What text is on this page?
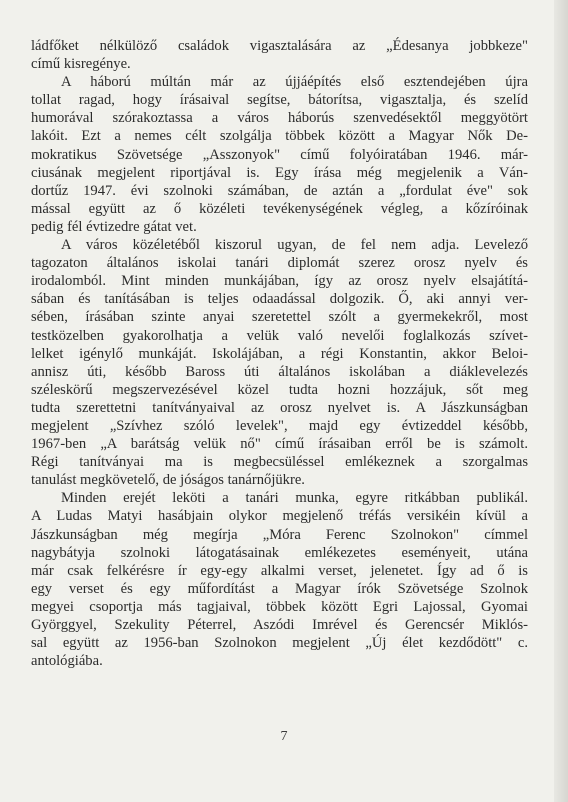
ládfőket nélkülöző családok vigasztalására az „Édesanya jobbkeze"
című kisregénye.
A háború múltán már az újjáépítés első esztendejében újra
tollat ragad, hogy írásaival segítse, bátorítsa, vigasztalja, és szelíd
humorával szórakoztassa a város háborús szenvedésektől meggyötört
lakóit. Ezt a nemes célt szolgálja többek között a Magyar Nők De-
mokratikus Szövetsége „Asszonyok" című folyóiratában 1946. már-
ciusának megjelent riportjával is. Egy írása még megjelenik a Ván-
dortűz 1947. évi szolnoki számában, de aztán a „fordulat éve" sok
mással együtt az ő közéleti tevékenységének végleg, a kőzíróinak
pedig fél évtizedre gátat vet.
A város közéletéből kiszorul ugyan, de fel nem adja. Levelező
tagozaton általános iskolai tanári diplomát szerez orosz nyelv és
irodalomból. Mint minden munkájában, így az orosz nyelv elsajátítá-
sában és tanításában is teljes odaadással dolgozik. Ő, aki annyi ver-
sében, írásában szinte anyai szeretettel szólt a gyermekekről, most
testközelben gyakorolhatja a velük való nevelői foglalkozás szívet-
lelket igénylő munkáját. Iskolájában, a régi Konstantin, akkor Beloi-
annisz úti, később Baross úti általános iskolában a diáklevelezés
széleskörű megszervezésével közel tudta hozni hozzájuk, sőt meg
tudta szerettetni tanítványaival az orosz nyelvet is. A Jászkunságban
megjelent „Szívhez szóló levelek", majd egy évtizeddel később,
1967-ben „A barátság velük nő" című írásaiban erről be is számolt.
Régi tanítványai ma is megbecsüléssel emlékeznek a szorgalmas
tanulást megkövetelő, de jóságos tanárnőjükre.
Minden erejét leköti a tanári munka, egyre ritkábban publikál.
A Ludas Matyi hasábjain olykor megjelenő tréfás versikéin kívül a
Jászkunságban még megírja „Móra Ferenc Szolnokon" címmel
nagybátyja szolnoki látogatásainak emlékezetes eseményeit, utána
már csak felkérésre ír egy-egy alkalmi verset, jelenetet. Így ad ő is
egy verset és egy műfordítást a Magyar írók Szövetsége Szolnok
megyei csoportja más tagjaival, többek között Egri Lajossal, Gyomai
Györggyel, Szekulity Péterrel, Aszódi Imrével és Gerencsér Miklós-
sal együtt az 1956-ban Szolnokon megjelent „Új élet kezdődött" c.
antológiába.
7
